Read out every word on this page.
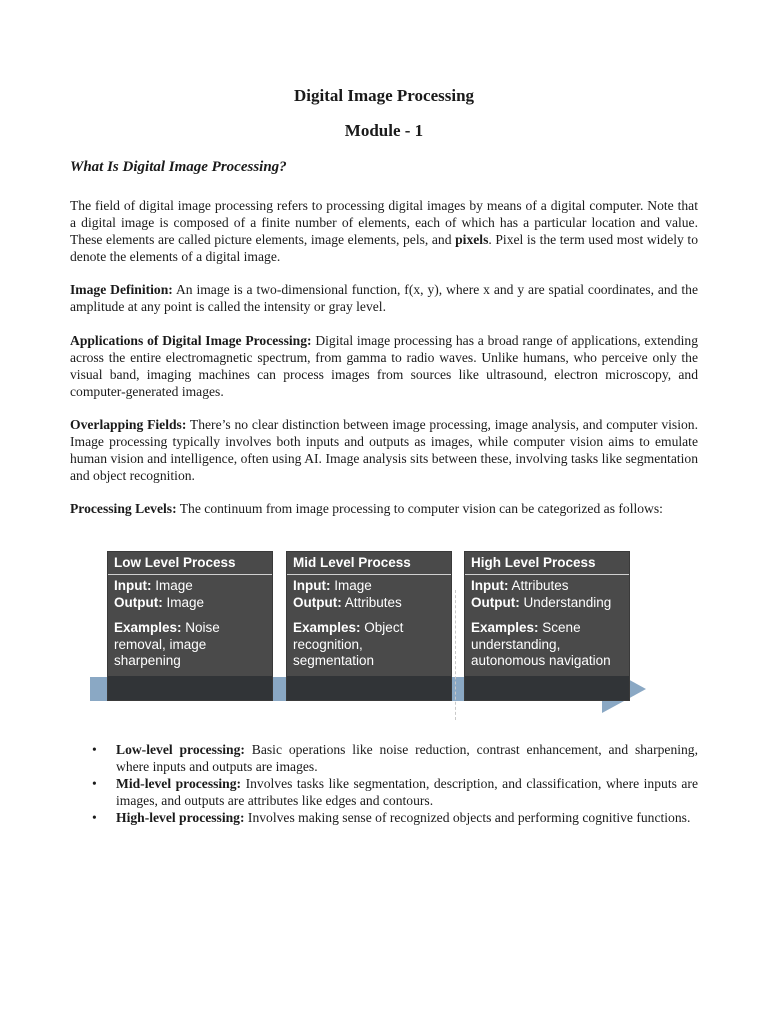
Digital Image Processing
Module - 1
What Is Digital Image Processing?

The field of digital image processing refers to processing digital images by means of a digital computer. Note that a digital image is composed of a finite number of elements, each of which has a particular location and value. These elements are called picture elements, image elements, pels, and pixels. Pixel is the term used most widely to denote the elements of a digital image.

Image Definition: An image is a two-dimensional function, f(x, y), where x and y are spatial coordinates, and the amplitude at any point is called the intensity or gray level.

Applications of Digital Image Processing: Digital image processing has a broad range of applications, extending across the entire electromagnetic spectrum, from gamma to radio waves. Unlike humans, who perceive only the visual band, imaging machines can process images from sources like ultrasound, electron microscopy, and computer-generated images.

Overlapping Fields: There’s no clear distinction between image processing, image analysis, and computer vision. Image processing typically involves both inputs and outputs as images, while computer vision aims to emulate human vision and intelligence, often using AI. Image analysis sits between these, involving tasks like segmentation and object recognition.

Processing Levels: The continuum from image processing to computer vision can be categorized as follows:

Low Level Process
Input: Image
Output: Image
Examples: Noise removal, image sharpening
Mid Level Process
Input: Image
Output: Attributes
Examples: Object recognition, segmentation
High Level Process
Input: Attributes
Output: Understanding
Examples: Scene understanding, autonomous navigation
• Low-level processing: Basic operations like noise reduction, contrast enhancement, and sharpening, where inputs and outputs are images.
• Mid-level processing: Involves tasks like segmentation, description, and classification, where inputs are images, and outputs are attributes like edges and contours.
• High-level processing: Involves making sense of recognized objects and performing cognitive functions.
